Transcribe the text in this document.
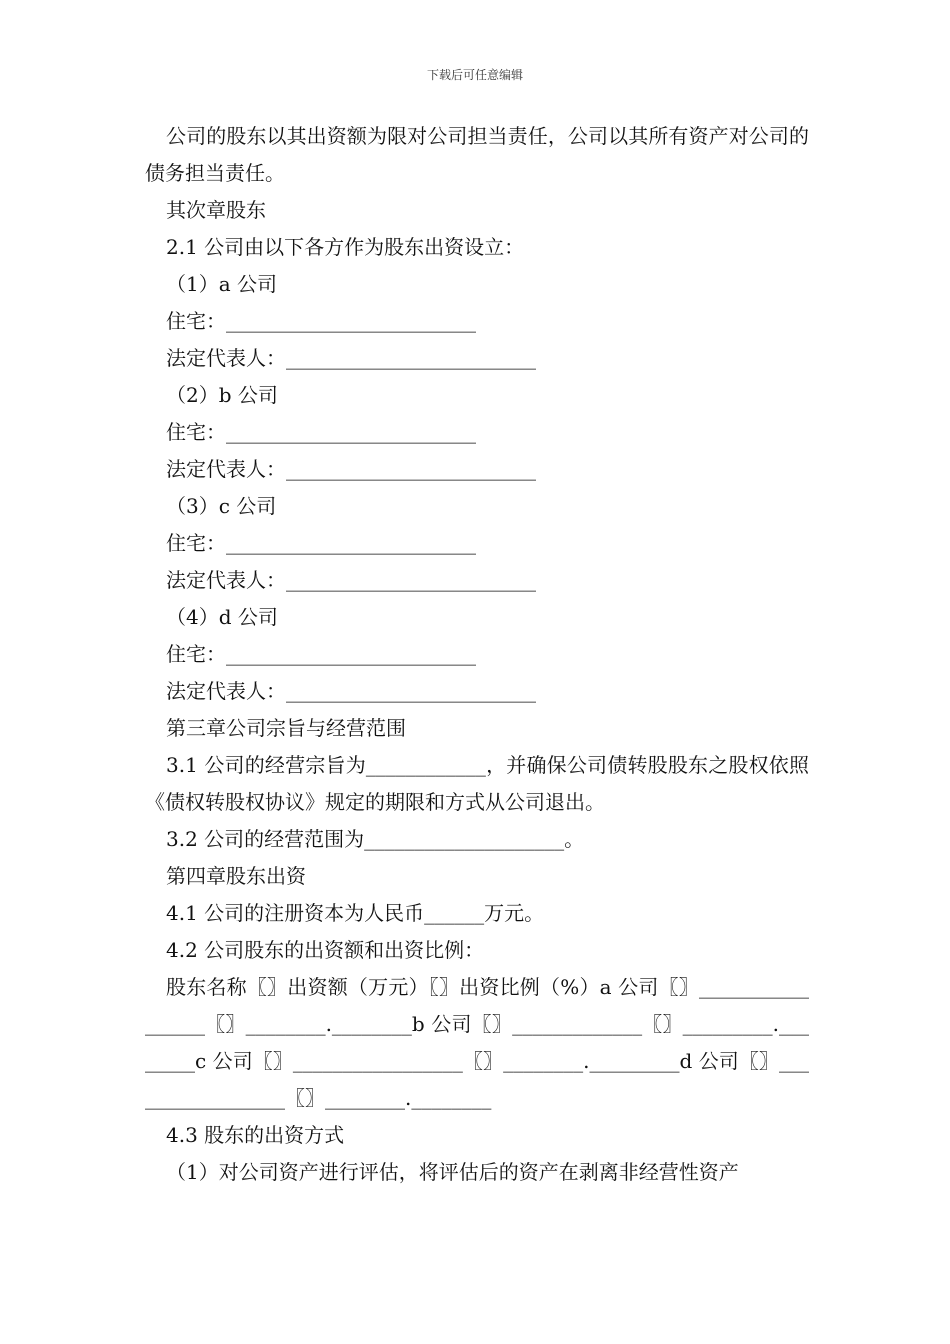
下载后可任意编辑

公司的股东以其出资额为限对公司担当责任，公司以其所有资产对公司的债务担当责任。

其次章股东

2.1 公司由以下各方作为股东出资设立：

（1）a 公司

住宅：_________________________

法定代表人：_________________________

（2）b 公司

住宅：_________________________

法定代表人：_________________________

（3）c 公司

住宅：_________________________

法定代表人：_________________________

（4）d 公司

住宅：_________________________

法定代表人：_________________________

第三章公司宗旨与经营范围

3.1 公司的经营宗旨为____________，并确保公司债转股股东之股权依照《债权转股权协议》规定的期限和方式从公司退出。

3.2 公司的经营范围为____________________。

第四章股东出资

4.1 公司的注册资本为人民币______万元。

4.2 公司股东的出资额和出资比例：

股东名称〖〗出资额（万元）〖〗出资比例（%）a 公司〖〗_________________〖〗________.________b 公司〖〗_____________〖〗_________.________c 公司〖〗_________________〖〗________._________d 公司〖〗_________________〖〗________.________

4.3 股东的出资方式

（1）对公司资产进行评估，将评估后的资产在剥离非经营性资产
